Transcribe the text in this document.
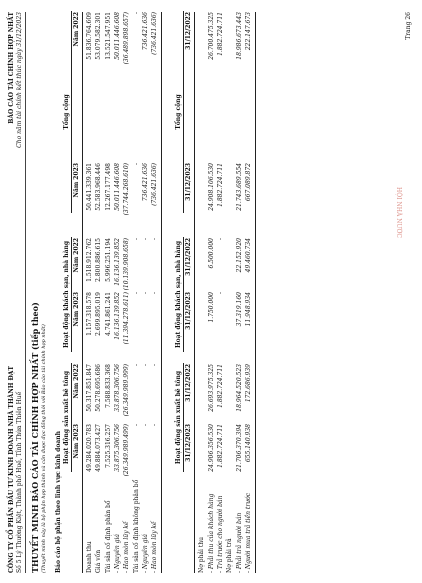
CÔNG TY CỔ PHẦN ĐẦU TƯ KINH DOANH NHÀ THÀNH ĐẠT Số 5 Lý Thường Kiệt, Thành phố Huế, Tỉnh Thừa Thiên Huế
BÁO CÁO TÀI CHÍNH HỢP NHẤT Cho năm tài chính kết thúc ngày 31/12/2023
THUYẾT MINH BÁO CÁO TÀI CHÍNH HỢP NHẤT (tiếp theo) (Thuyết minh này là bộ phận hợp thành và cần được đọc đồng thời với Báo cáo tài chính hợp nhất) Báo cáo bộ phận theo lĩnh vực kinh doanh
Hoạt động sản xuất bê tông
Hoạt động khách sạn, nhà hàng
Tổng cộng
Năm 2023
Năm 2022
Năm 2023
Năm 2022
Năm 2023
Năm 2022
Doanh thu
49.284.020.783
50.317.851.847
1.157.318.578
1.518.912.762
50.441.339.361
51.836.764.609
Giá vốn
49.884.073.427
50.278.695.686
2.699.895.019
2.800.886.615
52.583.968.446
53.079.582.301
Tài sản cố định phân bổ
7.525.316.257
7.588.833.368
4.741.861.241
5.996.251.194
12.267.177.498
13.521.547.951
- Nguyên giá
33.875.306.756
33.878.306.756
16.136.139.852
16.136.139.852
50.011.446.608
50.011.446.608
- Hao mòn lũy kế
(26.349.989.499)
(26.349.989.999)
(11.394.278.611)
(10.139.908.658)
(37.744.268.610)
(36.489.898.657)
Tài sản cố định không phân bổ
-
-
-
-
-
-
- Nguyên giá
-
-
-
-
736.421.636
736.421.636
- Hao mòn lũy kế
-
-
-
-
(736.421.636)
(736.421.636)
Hoạt động sản xuất bê tông
Hoạt động khách sạn, nhà hàng
Tổng cộng
31/12/2023
31/12/2022
31/12/2023
31/12/2022
31/12/2023
31/12/2022
Nợ phải thu - Phải thu của khách hàng
24.906.356.530
26.693.975.325
1.750.000
6.500.000
24.908.106.530
26.700.475.325
- Trả trước cho người bán
1.882.724.711
1.882.724.711
-
-
1.882.724.711
1.882.724.711
Nợ phải trả - Phải trả người bán
21.706.370.394
18.964.520.523
37.319.160
22.152.920
21.743.689.554
18.986.673.443
- Người mua trả tiền trước
655.140.938
172.686.939
11.948.934
49.460.734
667.089.872
222.147.673
HỘI NHÀ NƯỚC
Trang 26
